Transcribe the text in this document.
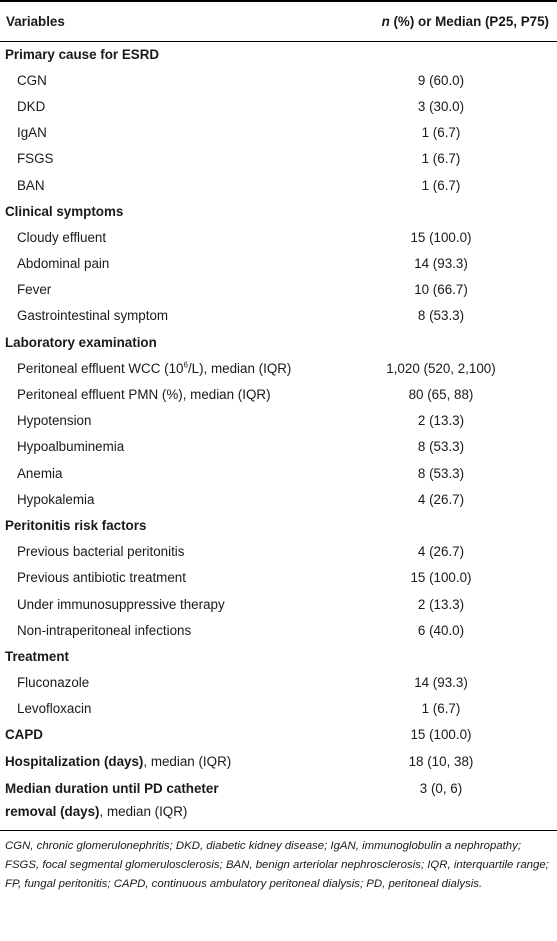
Variables	n (%) or Median (P25, P75)
Primary cause for ESRD	
CGN	9 (60.0)
DKD	3 (30.0)
IgAN	1 (6.7)
FSGS	1 (6.7)
BAN	1 (6.7)
Clinical symptoms	
Cloudy effluent	15 (100.0)
Abdominal pain	14 (93.3)
Fever	10 (66.7)
Gastrointestinal symptom	8 (53.3)
Laboratory examination	
Peritoneal effluent WCC $(10^6/L)$, median (IQR)	1,020 (520, 2,100)
Peritoneal effluent PMN (%), median (IQR)	80 (65, 88)
Hypotension	2 (13.3)
Hypoalbuminemia	8 (53.3)
Anemia	8 (53.3)
Hypokalemia	4 (26.7)
Peritonitis risk factors	
Previous bacterial peritonitis	4 (26.7)
Previous antibiotic treatment	15 (100.0)
Under immunosuppressive therapy	2 (13.3)
Non-intraperitoneal infections	6 (40.0)
Treatment	
Fluconazole	14 (93.3)
Levofloxacin	1 (6.7)
CAPD	15 (100.0)
Hospitalization (days), median (IQR)	18 (10, 38)
Median duration until PD catheter
removal (days), median (IQR)	3 (0, 6)
CGN, chronic glomerulonephritis; DKD, diabetic kidney disease; IgAN, immunoglobulin a nephropathy; FSGS, focal segmental glomerulosclerosis; BAN, benign arteriolar nephrosclerosis; IQR, interquartile range; FP, fungal peritonitis; CAPD, continuous ambulatory peritoneal dialysis; PD, peritoneal dialysis.
